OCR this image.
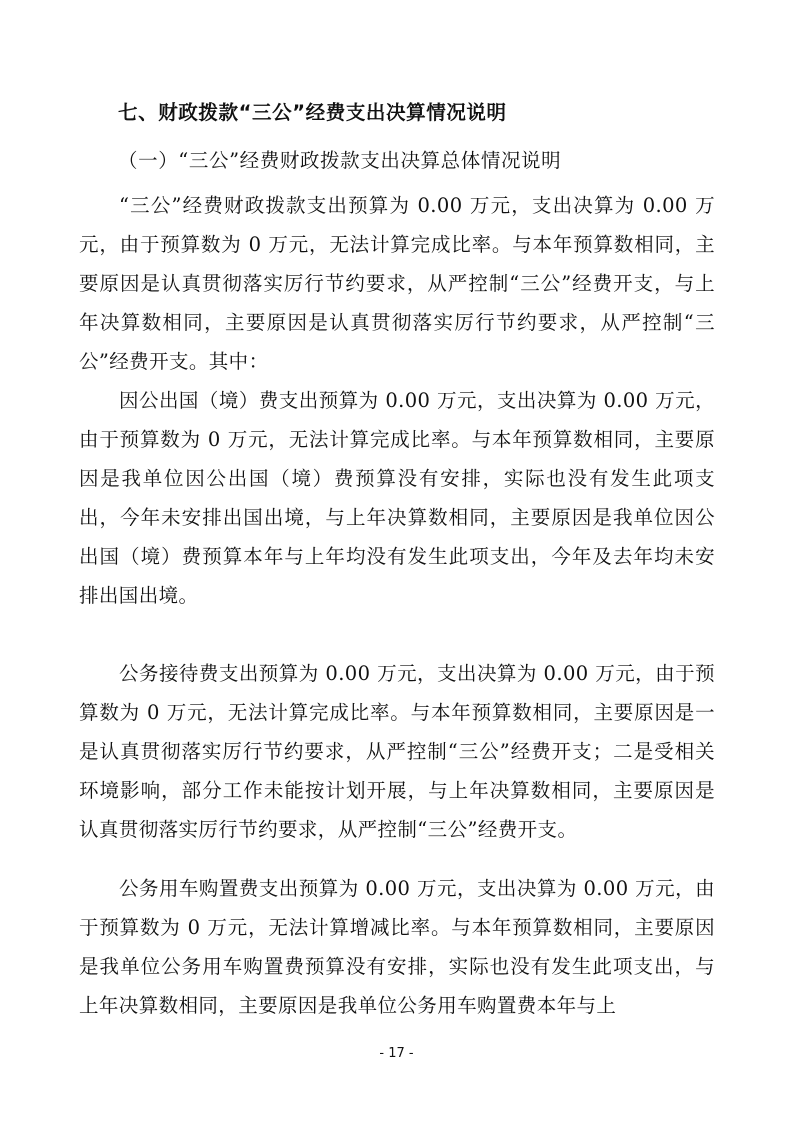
七、财政拨款“三公”经费支出决算情况说明
（一）“三公”经费财政拨款支出决算总体情况说明
“三公”经费财政拨款支出预算为 0.00 万元，支出决算为 0.00 万元，由于预算数为 0 万元，无法计算完成比率。与本年预算数相同，主要原因是认真贯彻落实厉行节约要求，从严控制“三公”经费开支，与上年决算数相同，主要原因是认真贯彻落实厉行节约要求，从严控制“三公”经费开支。其中：
因公出国（境）费支出预算为 0.00 万元，支出决算为 0.00 万元，由于预算数为 0 万元，无法计算完成比率。与本年预算数相同，主要原因是我单位因公出国（境）费预算没有安排，实际也没有发生此项支出，今年未安排出国出境，与上年决算数相同，主要原因是我单位因公出国（境）费预算本年与上年均没有发生此项支出，今年及去年均未安排出国出境。
公务接待费支出预算为 0.00 万元，支出决算为 0.00 万元，由于预算数为 0 万元，无法计算完成比率。与本年预算数相同，主要原因是一是认真贯彻落实厉行节约要求，从严控制“三公”经费开支；二是受相关环境影响，部分工作未能按计划开展，与上年决算数相同，主要原因是认真贯彻落实厉行节约要求，从严控制“三公”经费开支。
公务用车购置费支出预算为 0.00 万元，支出决算为 0.00 万元，由于预算数为 0 万元，无法计算增减比率。与本年预算数相同，主要原因是我单位公务用车购置费预算没有安排，实际也没有发生此项支出，与上年决算数相同，主要原因是我单位公务用车购置费本年与上
- 17 -
